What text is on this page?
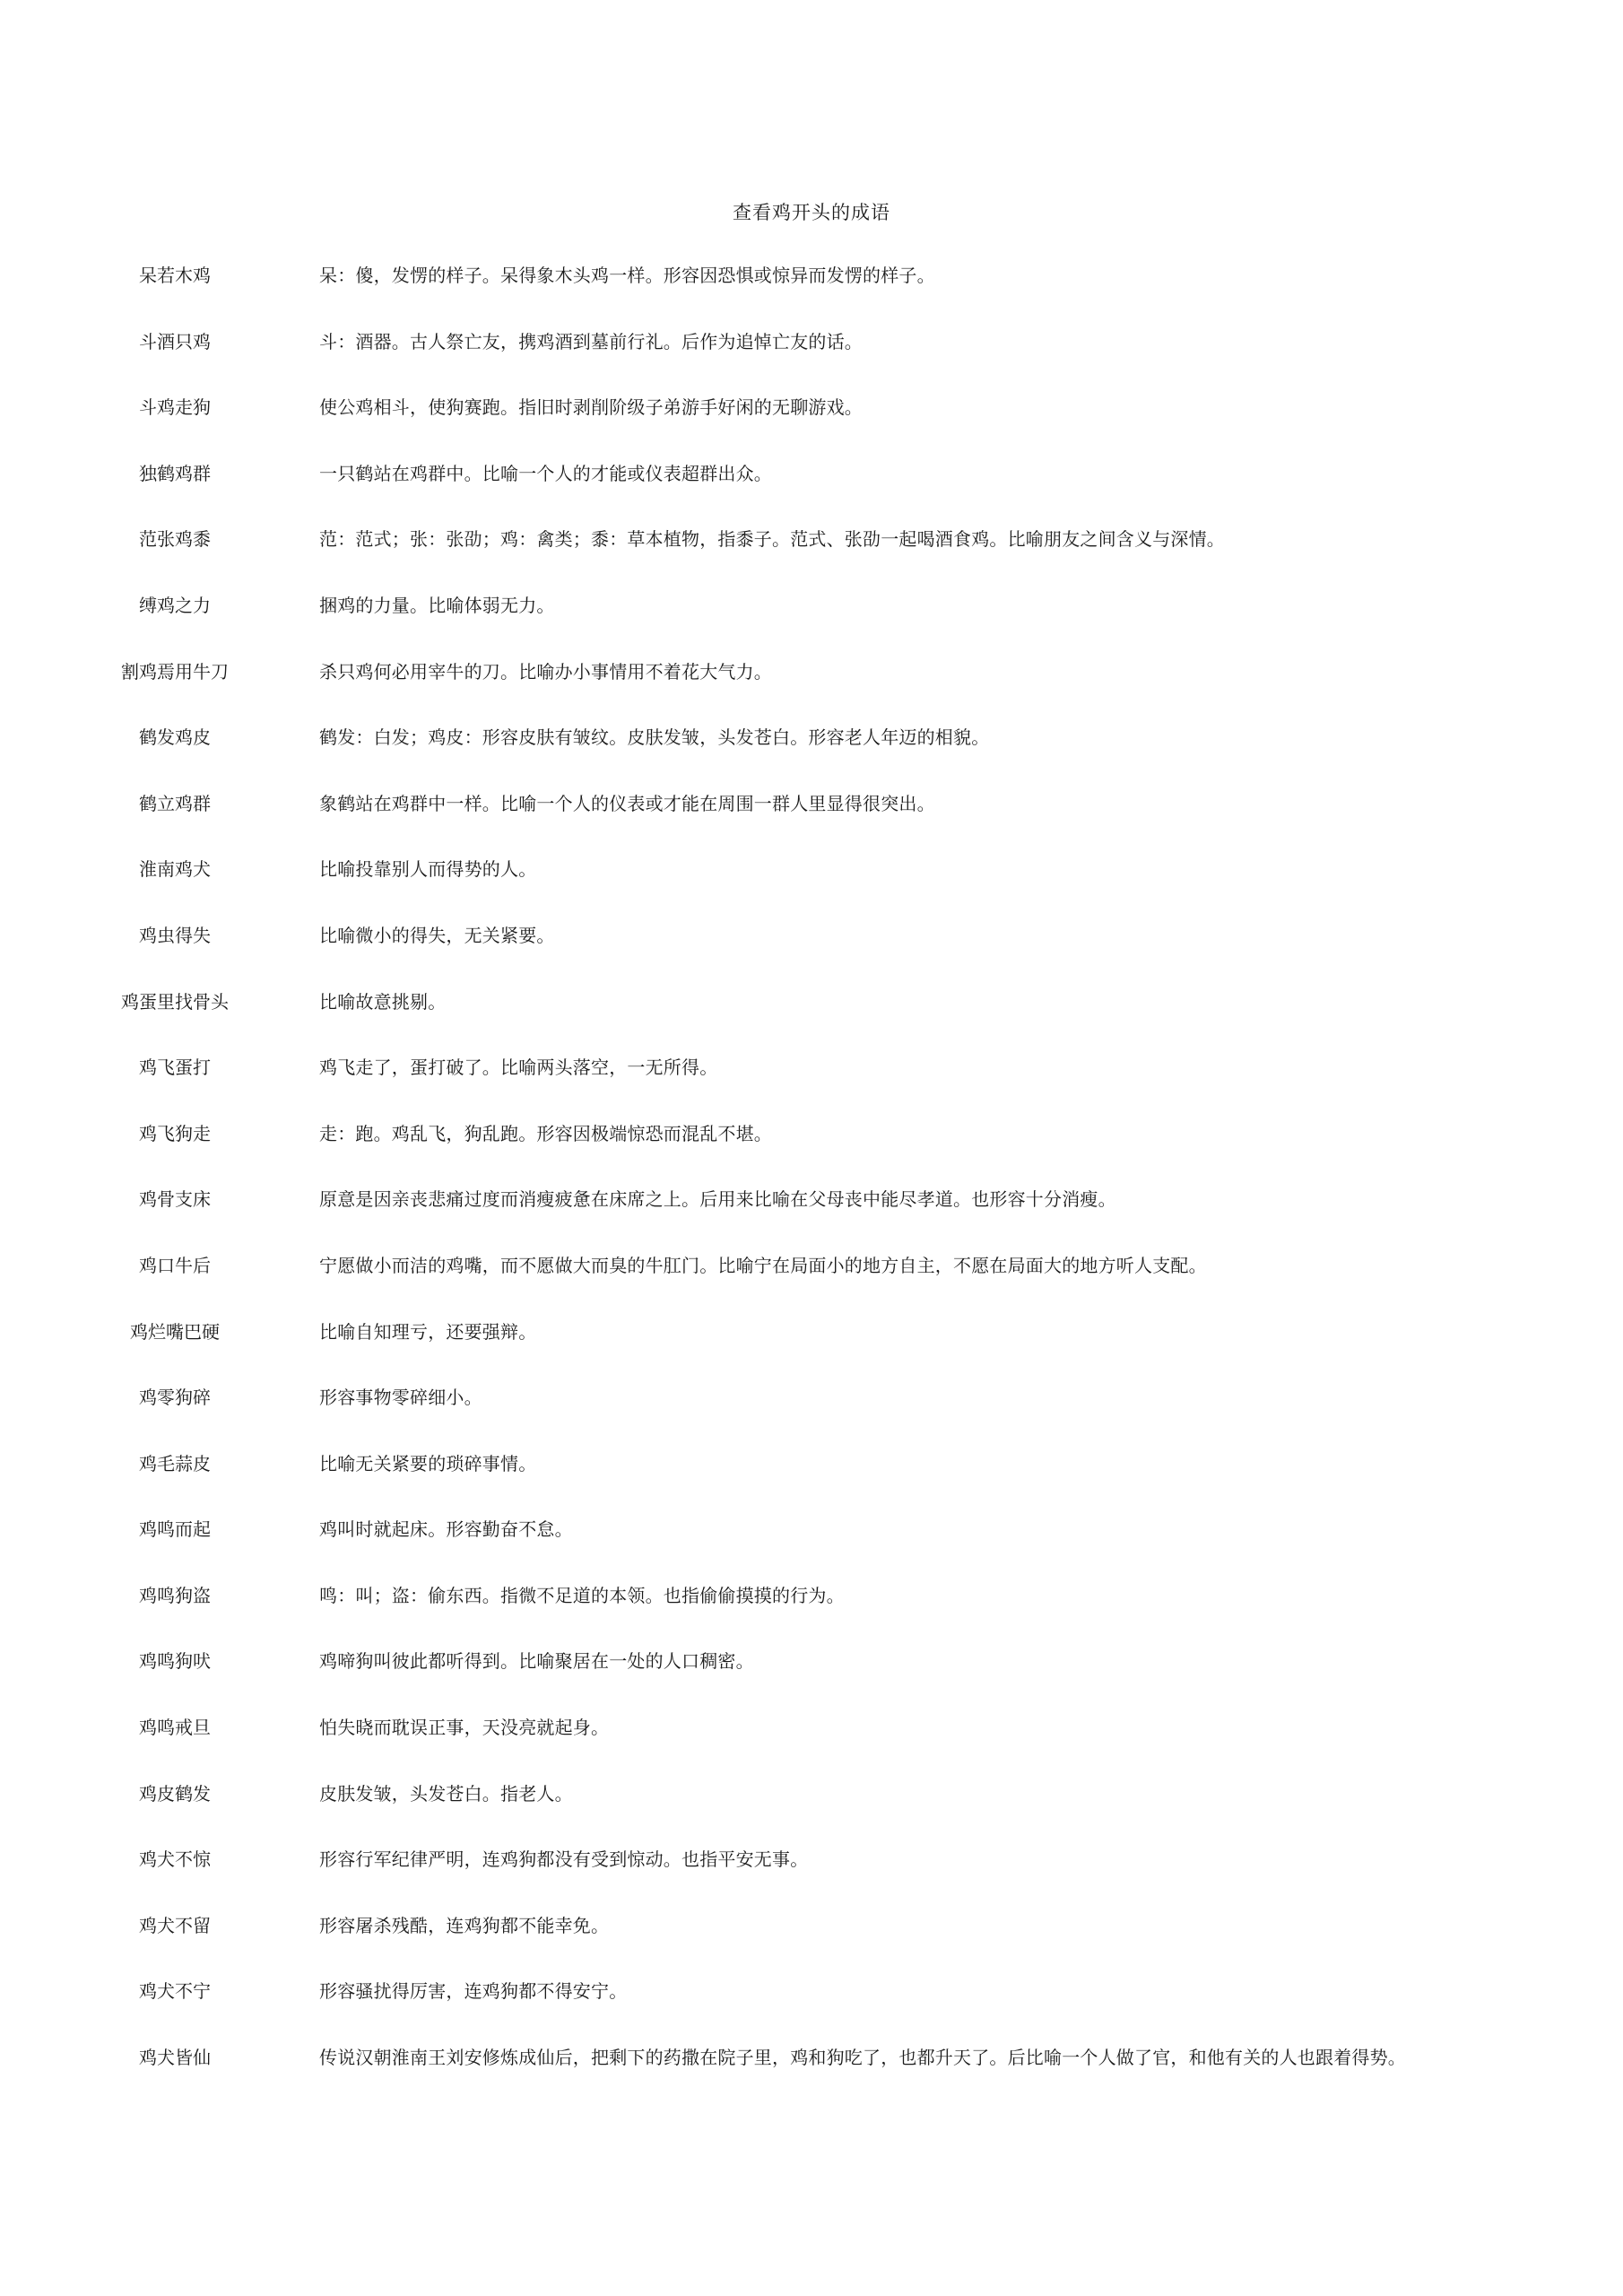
查看鸡开头的成语
呆若木鸡	呆：傻，发愣的样子。呆得象木头鸡一样。形容因恐惧或惊异而发愣的样子。
斗酒只鸡	斗：酒器。古人祭亡友，携鸡酒到墓前行礼。后作为追悼亡友的话。
斗鸡走狗	使公鸡相斗，使狗赛跑。指旧时剥削阶级子弟游手好闲的无聊游戏。
独鹤鸡群	一只鹤站在鸡群中。比喻一个人的才能或仪表超群出众。
范张鸡黍	范：范式；张：张劭；鸡：禽类；黍：草本植物，指黍子。范式、张劭一起喝酒食鸡。比喻朋友之间含义与深情。
缚鸡之力	捆鸡的力量。比喻体弱无力。
割鸡焉用牛刀	杀只鸡何必用宰牛的刀。比喻办小事情用不着花大气力。
鹤发鸡皮	鹤发：白发；鸡皮：形容皮肤有皱纹。皮肤发皱，头发苍白。形容老人年迈的相貌。
鹤立鸡群	象鹤站在鸡群中一样。比喻一个人的仪表或才能在周围一群人里显得很突出。
淮南鸡犬	比喻投靠别人而得势的人。
鸡虫得失	比喻微小的得失，无关紧要。
鸡蛋里找骨头	比喻故意挑剔。
鸡飞蛋打	鸡飞走了，蛋打破了。比喻两头落空，一无所得。
鸡飞狗走	走：跑。鸡乱飞，狗乱跑。形容因极端惊恐而混乱不堪。
鸡骨支床	原意是因亲丧悲痛过度而消瘦疲惫在床席之上。后用来比喻在父母丧中能尽孝道。也形容十分消瘦。
鸡口牛后	宁愿做小而洁的鸡嘴，而不愿做大而臭的牛肛门。比喻宁在局面小的地方自主，不愿在局面大的地方听人支配。
鸡烂嘴巴硬	比喻自知理亏，还要强辩。
鸡零狗碎	形容事物零碎细小。
鸡毛蒜皮	比喻无关紧要的琐碎事情。
鸡鸣而起	鸡叫时就起床。形容勤奋不怠。
鸡鸣狗盗	鸣：叫；盗：偷东西。指微不足道的本领。也指偷偷摸摸的行为。
鸡鸣狗吠	鸡啼狗叫彼此都听得到。比喻聚居在一处的人口稠密。
鸡鸣戒旦	怕失晓而耽误正事，天没亮就起身。
鸡皮鹤发	皮肤发皱，头发苍白。指老人。
鸡犬不惊	形容行军纪律严明，连鸡狗都没有受到惊动。也指平安无事。
鸡犬不留	形容屠杀残酷，连鸡狗都不能幸免。
鸡犬不宁	形容骚扰得厉害，连鸡狗都不得安宁。
鸡犬皆仙	传说汉朝淮南王刘安修炼成仙后，把剩下的药撒在院子里，鸡和狗吃了，也都升天了。后比喻一个人做了官，和他有关的人也跟着得势。
